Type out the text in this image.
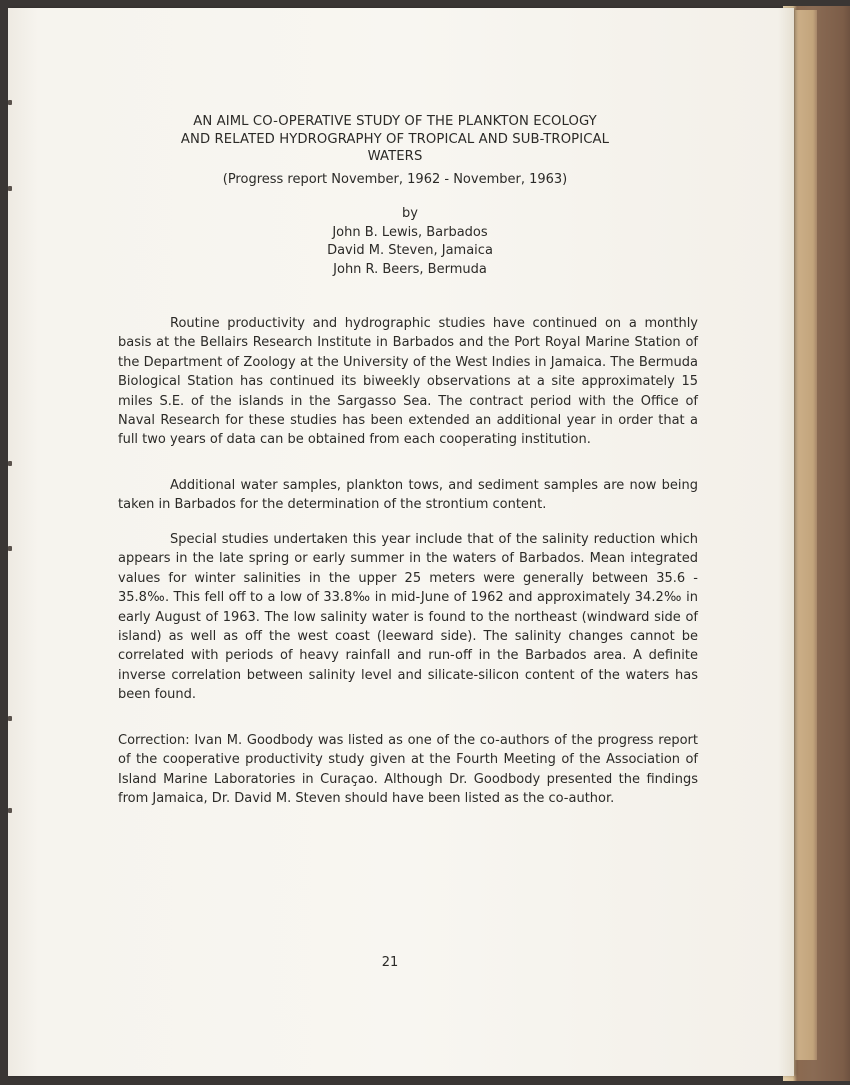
AN AIML CO-OPERATIVE STUDY OF THE PLANKTON ECOLOGY
AND RELATED HYDROGRAPHY OF TROPICAL AND SUB-TROPICAL
WATERS
(Progress report November, 1962 - November, 1963)
by
John B. Lewis, Barbados
David M. Steven, Jamaica
John R. Beers, Bermuda

Routine productivity and hydrographic studies have continued on a monthly basis at the Bellairs Research Institute in Barbados and the Port Royal Marine Station of the Department of Zoology at the University of the West Indies in Jamaica. The Bermuda Biological Station has continued its biweekly observations at a site approximately 15 miles S.E. of the islands in the Sargasso Sea. The contract period with the Office of Naval Research for these studies has been extended an additional year in order that a full two years of data can be obtained from each cooperating institution.

Additional water samples, plankton tows, and sediment samples are now being taken in Barbados for the determination of the strontium content.

Special studies undertaken this year include that of the salinity reduction which appears in the late spring or early summer in the waters of Barbados. Mean integrated values for winter salinities in the upper 25 meters were generally between 35.6 - 35.8‰. This fell off to a low of 33.8‰ in mid-June of 1962 and approximately 34.2‰ in early August of 1963. The low salinity water is found to the northeast (windward side of island) as well as off the west coast (leeward side). The salinity changes cannot be correlated with periods of heavy rainfall and run-off in the Barbados area. A definite inverse correlation between salinity level and silicate-silicon content of the waters has been found.

Correction: Ivan M. Goodbody was listed as one of the co-authors of the progress report of the cooperative productivity study given at the Fourth Meeting of the Association of Island Marine Laboratories in Curaçao. Although Dr. Goodbody presented the findings from Jamaica, Dr. David M. Steven should have been listed as the co-author.
21
